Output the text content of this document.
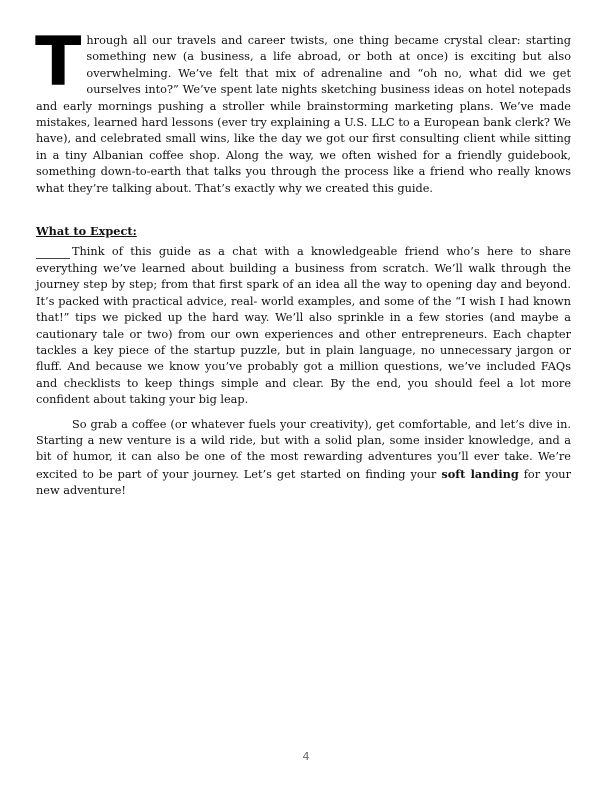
Through all our travels and career twists, one thing became crystal clear: starting something new (a business, a life abroad, or both at once) is exciting but also overwhelming. We’ve felt that mix of adrenaline and “oh no, what did we get ourselves into?” We’ve spent late nights sketching business ideas on hotel notepads and early mornings pushing a stroller while brainstorming marketing plans. We’ve made mistakes, learned hard lessons (ever try explaining a U.S. LLC to a European bank clerk? We have), and celebrated small wins, like the day we got our first consulting client while sitting in a tiny Albanian coffee shop. Along the way, we often wished for a friendly guidebook, something down-to-earth that talks you through the process like a friend who really knows what they’re talking about. That’s exactly why we created this guide.

What to Expect:

Think of this guide as a chat with a knowledgeable friend who’s here to share everything we’ve learned about building a business from scratch. We’ll walk through the journey step by step; from that first spark of an idea all the way to opening day and beyond. It’s packed with practical advice, real- world examples, and some of the “I wish I had known that!” tips we picked up the hard way. We’ll also sprinkle in a few stories (and maybe a cautionary tale or two) from our own experiences and other entrepreneurs. Each chapter tackles a key piece of the startup puzzle, but in plain language, no unnecessary jargon or fluff. And because we know you’ve probably got a million questions, we’ve included FAQs and checklists to keep things simple and clear. By the end, you should feel a lot more confident about taking your big leap.

So grab a coffee (or whatever fuels your creativity), get comfortable, and let’s dive in. Starting a new venture is a wild ride, but with a solid plan, some insider knowledge, and a bit of humor, it can also be one of the most rewarding adventures you’ll ever take. We’re excited to be part of your journey. Let’s get started on finding your soft landing for your new adventure!

4
